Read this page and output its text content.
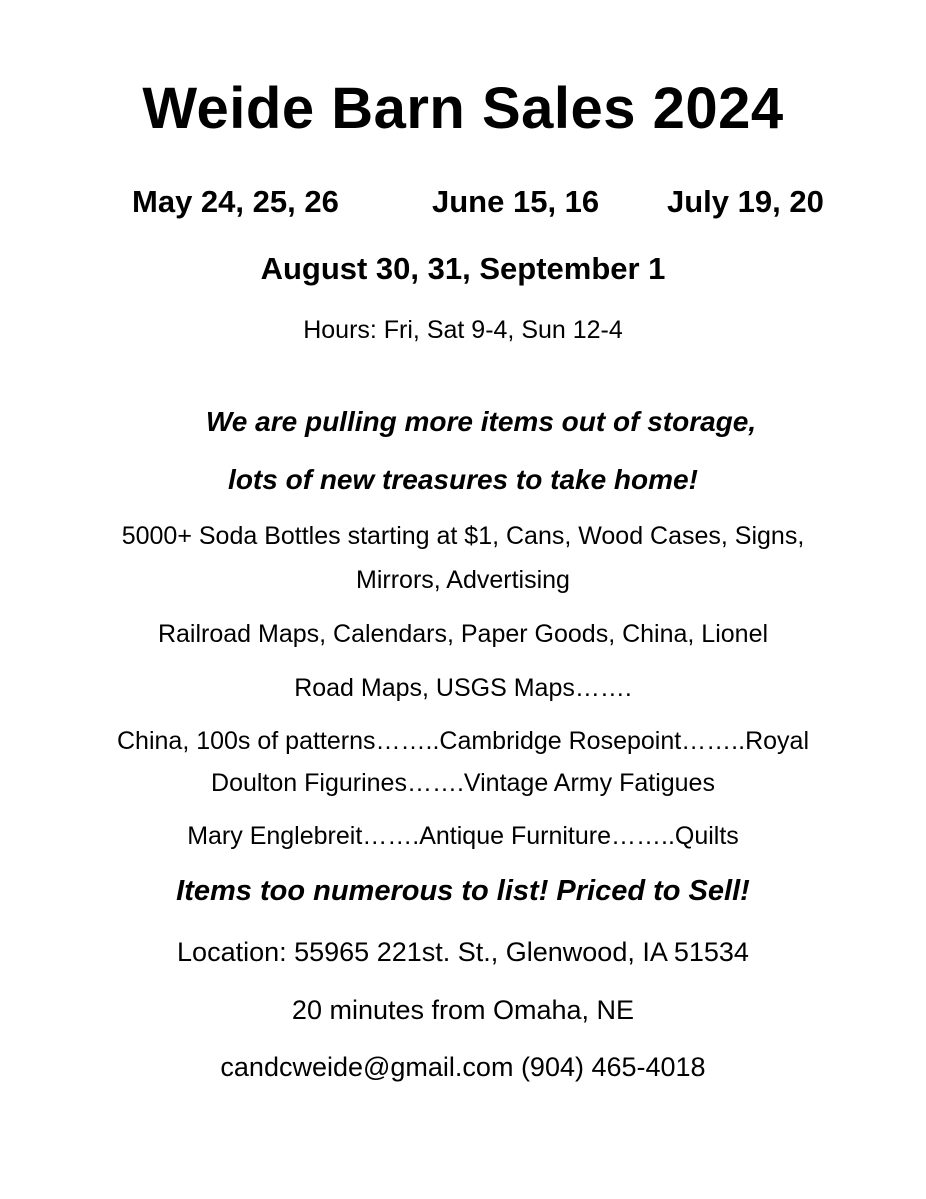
Weide Barn Sales 2024
May 24, 25, 26	June 15, 16 July 19, 20
August 30, 31, September 1
Hours: Fri, Sat 9-4, Sun 12-4
We are pulling more items out of storage,
lots of new treasures to take home!
5000+ Soda Bottles starting at $1, Cans, Wood Cases, Signs,
Mirrors, Advertising
Railroad Maps, Calendars, Paper Goods, China, Lionel
Road Maps, USGS Maps…….
China, 100s of patterns……..Cambridge Rosepoint……..Royal
Doulton Figurines…….Vintage Army Fatigues
Mary Englebreit…….Antique Furniture……..Quilts
Items too numerous to list! Priced to Sell!
Location: 55965 221st. St., Glenwood, IA 51534
20 minutes from Omaha, NE
candcweide@gmail.com (904) 465-4018
